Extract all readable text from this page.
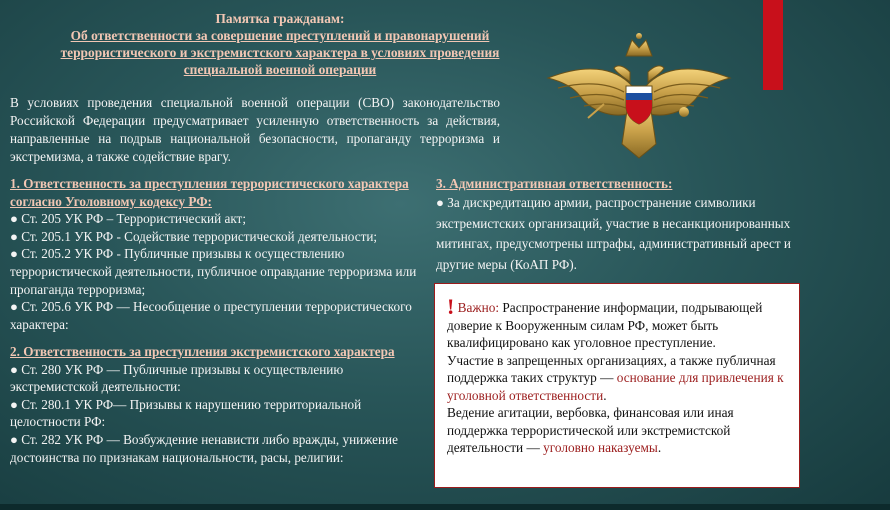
Памятка гражданам:
Об ответственности за совершение преступлений и правонарушений террористического и экстремистского характера в условиях проведения специальной военной операции
В условиях проведения специальной военной операции (СВО) законодательство Российской Федерации предусматривает усиленную ответственность за действия, направленные на подрыв национальной безопасности, пропаганду терроризма и экстремизма, а также содействие врагу.
1. Ответственность за преступления террористического характера согласно Уголовному кодексу РФ:
● Ст. 205 УК РФ – Террористический акт;
● Ст. 205.1 УК РФ - Содействие террористической деятельности;
● Ст. 205.2 УК РФ - Публичные призывы к осуществлению террористической деятельности, публичное оправдание терроризма или пропаганда терроризма;
● Ст. 205.6 УК РФ — Несообщение о преступлении террористического характера:
2. Ответственность за преступления экстремистского характера
● Ст. 280 УК РФ — Публичные призывы к осуществлению экстремистской деятельности:
● Ст. 280.1 УК РФ— Призывы к нарушению территориальной целостности РФ:
● Ст. 282 УК РФ — Возбуждение ненависти либо вражды, унижение достоинства по признакам национальности, расы, религии:
3. Административная ответственность:
● За дискредитацию армии, распространение символики экстремистских организаций, участие в несанкционированных митингах, предусмотрены штрафы, административный арест и другие меры (КоАП РФ).
! Важно: Распространение информации, подрывающей доверие к Вооруженным силам РФ, может быть квалифицировано как уголовное преступление.
Участие в запрещенных организациях, а также публичная поддержка таких структур — основание для привлечения к уголовной ответственности.
Ведение агитации, вербовка, финансовая или иная поддержка террористической или экстремистской деятельности — уголовно наказуемы.
